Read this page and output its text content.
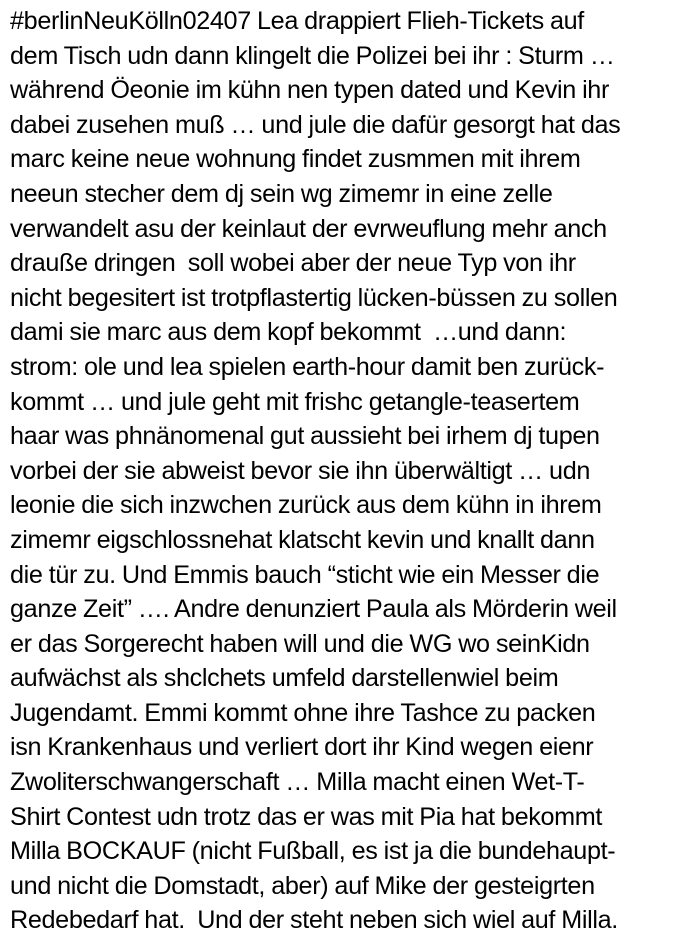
#berlinNeuKölln02407 Lea drappiert Flieh-Tickets auf
dem Tisch udn dann klingelt die Polizei bei ihr : Sturm …
während Öeonie im kühn nen typen dated und Kevin ihr
dabei zusehen muß … und jule die dafür gesorgt hat das
marc keine neue wohnung findet zusmmen mit ihrem
neeun stecher dem dj sein wg zimemr in eine zelle
verwandelt asu der keinlaut der evrweuflung mehr anch
drauße dringen  soll wobei aber der neue Typ von ihr
nicht begesitert ist trotpflastertig lücken-büssen zu sollen
dami sie marc aus dem kopf bekommt  …und dann:
strom: ole und lea spielen earth-hour damit ben zurück-
kommt … und jule geht mit frishc getangle-teasertem
haar was phnänomenal gut aussieht bei irhem dj tupen
vorbei der sie abweist bevor sie ihn überwältigt … udn
leonie die sich inzwchen zurück aus dem kühn in ihrem
zimemr eigschlossnehat klatscht kevin und knallt dann
die tür zu. Und Emmis bauch “sticht wie ein Messer die
ganze Zeit” …. Andre denunziert Paula als Mörderin weil
er das Sorgerecht haben will und die WG wo seinKidn
aufwächst als shclchets umfeld darstellenwiel beim
Jugendamt. Emmi kommt ohne ihre Tashce zu packen
isn Krankenhaus und verliert dort ihr Kind wegen eienr
Zwoliterschwangerschaft … Milla macht einen Wet-T-
Shirt Contest udn trotz das er was mit Pia hat bekommt
Milla BOCKAUF (nicht Fußball, es ist ja die bundehaupt-
und nicht die Domstadt, aber) auf Mike der gesteigrten
Redebedarf hat.  Und der steht neben sich wiel auf Milla.
